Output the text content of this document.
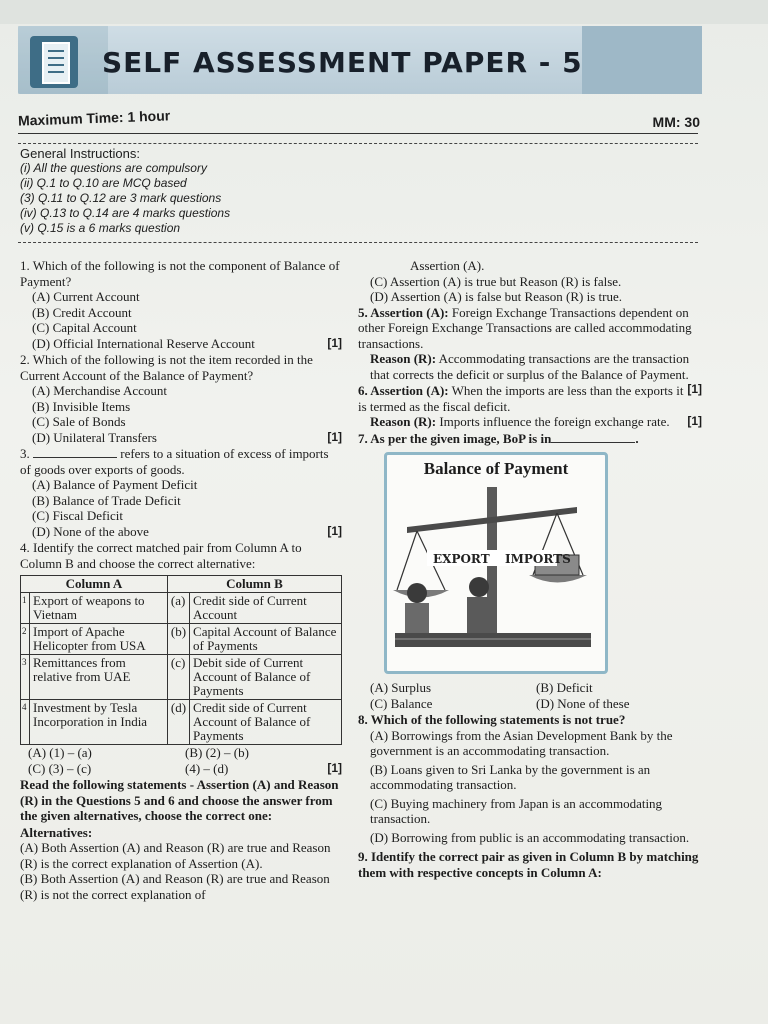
SELF ASSESSMENT PAPER - 5
Maximum Time: 1 hour	MM: 30
General Instructions:
(i) All the questions are compulsory
(ii) Q.1 to Q.10 are MCQ based
(3) Q.11 to Q.12 are 3 mark questions
(iv) Q.13 to Q.14 are 4 marks questions
(v) Q.15 is a 6 marks question
1. Which of the following is not the component of Balance of Payment?
(A) Current Account
(B) Credit Account
(C) Capital Account
(D) Official International Reserve Account	[1]
2. Which of the following is not the item recorded in the Current Account of the Balance of Payment?
(A) Merchandise Account
(B) Invisible Items
(C) Sale of Bonds
(D) Unilateral Transfers	[1]
3.	refers to a situation of excess of imports of goods over exports of goods.
(A) Balance of Payment Deficit
(B) Balance of Trade Deficit
(C) Fiscal Deficit
(D) None of the above	[1]
4. Identify the correct matched pair from Column A to Column B and choose the correct alternative:
Column A		Column B	
1	Export of weapons to Vietnam	(a)	Credit side of Current Account
2	Import of Apache Helicopter from USA	(b)	Capital Account of Balance of Payments
3	Remittances from relative from UAE	(c)	Debit side of Current Account of Balance of Payments
4	Investment by Tesla Incorporation in India	(d)	Credit side of Current Account of Balance of Payments
(A) (1) – (a)	(B) (2) – (b)
(C) (3) – (c)	(4) – (d)	[1]
Read the following statements - Assertion (A) and Reason (R) in the Questions 5 and 6 and choose the answer from the given alternatives, choose the correct one:
Alternatives:
(A) Both Assertion (A) and Reason (R) are true and Reason (R) is the correct explanation of Assertion (A).
(B) Both Assertion (A) and Reason (R) are true and Reason (R) is not the correct explanation of
Assertion (A).
(C) Assertion (A) is true but Reason (R) is false.
(D) Assertion (A) is false but Reason (R) is true.
5. Assertion (A): Foreign Exchange Transactions dependent on other Foreign Exchange Transactions are called accommodating transactions.
Reason (R): Accommodating transactions are the transaction that corrects the deficit or surplus of the Balance of Payment.
[1]
6. Assertion (A): When the imports are less than the exports it is termed as the fiscal deficit.
Reason (R): Imports influence the foreign exchange rate. [1]
7. As per the given image, BoP is in	.
Balance of Payment
EXPORT IMPORTS
(A) Surplus	(B) Deficit
(C) Balance	(D) None of these
8. Which of the following statements is not true?
(A) Borrowings from the Asian Development Bank by the government is an accommodating transaction.
(B) Loans given to Sri Lanka by the government is an accommodating transaction.
(C) Buying machinery from Japan is an accommodating transaction.
(D) Borrowing from public is an accommodating transaction.
9. Identify the correct pair as given in Column B by matching them with respective concepts in Column A:
